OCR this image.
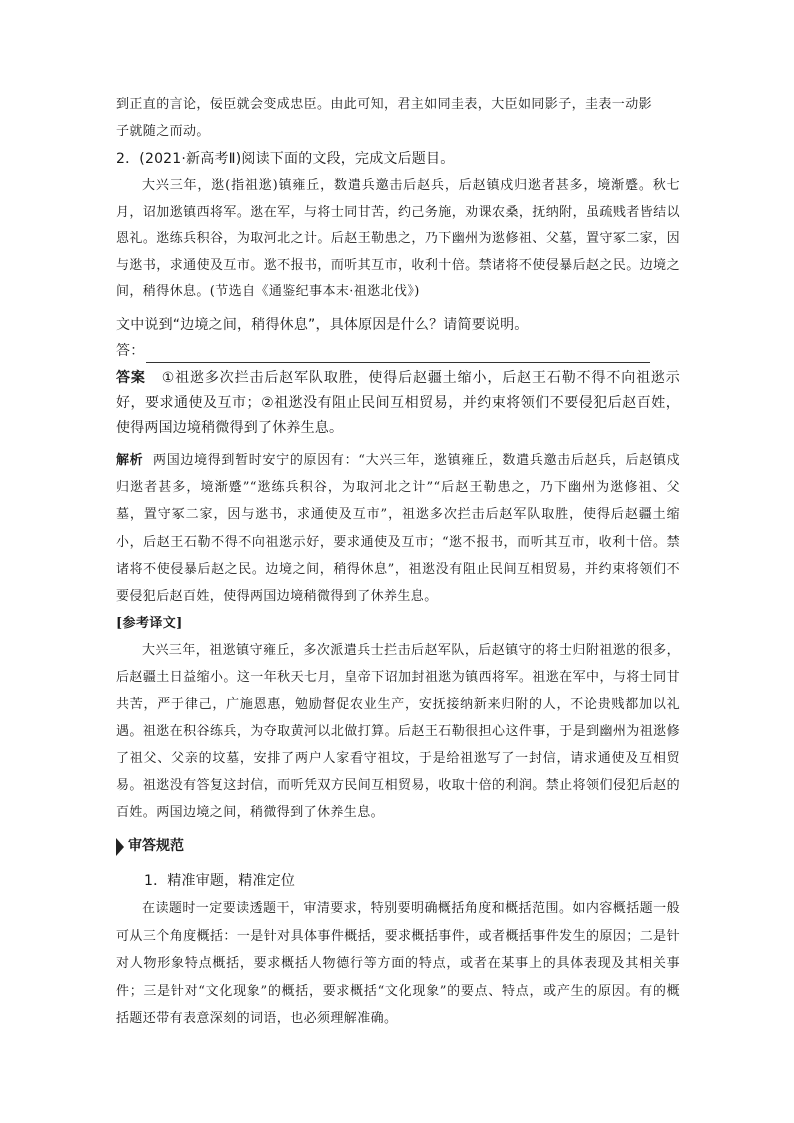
到正直的言论，佞臣就会变成忠臣。由此可知，君主如同圭表，大臣如同影子，圭表一动影
子就随之而动。
2．(2021·新高考Ⅱ)阅读下面的文段，完成文后题目。
大兴三年，逖(指祖逖)镇雍丘，数遣兵邀击后赵兵，后赵镇戍归逖者甚多，境渐蹙。秋七月，诏加逖镇西将军。逖在军，与将士同甘苦，约己务施，劝课农桑，抚纳附，虽疏贱者皆结以恩礼。逖练兵积谷，为取河北之计。后赵王勒患之，乃下幽州为逖修祖、父墓，置守冢二家，因与逖书，求通使及互市。逖不报书，而听其互市，收利十倍。禁诸将不使侵暴后赵之民。边境之间，稍得休息。(节选自《通鉴纪事本末·祖逖北伐》)
文中说到“边境之间，稍得休息”，具体原因是什么？请简要说明。
答：
答案 ①祖逖多次拦击后赵军队取胜，使得后赵疆土缩小，后赵王石勒不得不向祖逖示好，要求通使及互市；②祖逖没有阻止民间互相贸易，并约束将领们不要侵犯后赵百姓，使得两国边境稍微得到了休养生息。
解析 两国边境得到暂时安宁的原因有：“大兴三年，逖镇雍丘，数遣兵邀击后赵兵，后赵镇戍归逖者甚多，境渐蹙”“逖练兵积谷，为取河北之计”“后赵王勒患之，乃下幽州为逖修祖、父墓，置守冢二家，因与逖书，求通使及互市”，祖逖多次拦击后赵军队取胜，使得后赵疆土缩小，后赵王石勒不得不向祖逖示好，要求通使及互市；“逖不报书，而听其互市，收利十倍。禁诸将不使侵暴后赵之民。边境之间，稍得休息”，祖逖没有阻止民间互相贸易，并约束将领们不要侵犯后赵百姓，使得两国边境稍微得到了休养生息。
[参考译文]
大兴三年，祖逖镇守雍丘，多次派遣兵士拦击后赵军队，后赵镇守的将士归附祖逖的很多，后赵疆土日益缩小。这一年秋天七月，皇帝下诏加封祖逖为镇西将军。祖逖在军中，与将士同甘共苦，严于律己，广施恩惠，勉励督促农业生产，安抚接纳新来归附的人，不论贵贱都加以礼遇。祖逖在积谷练兵，为夺取黄河以北做打算。后赵王石勒很担心这件事，于是到幽州为祖逖修了祖父、父亲的坟墓，安排了两户人家看守祖坟，于是给祖逖写了一封信，请求通使及互相贸易。祖逖没有答复这封信，而听凭双方民间互相贸易，收取十倍的利润。禁止将领们侵犯后赵的百姓。两国边境之间，稍微得到了休养生息。
审答规范
1．精准审题，精准定位
在读题时一定要读透题干，审清要求，特别要明确概括角度和概括范围。如内容概括题一般可从三个角度概括：一是针对具体事件概括，要求概括事件，或者概括事件发生的原因；二是针对人物形象特点概括，要求概括人物德行等方面的特点，或者在某事上的具体表现及其相关事件；三是针对“文化现象”的概括，要求概括“文化现象”的要点、特点，或产生的原因。有的概括题还带有表意深刻的词语，也必须理解准确。
